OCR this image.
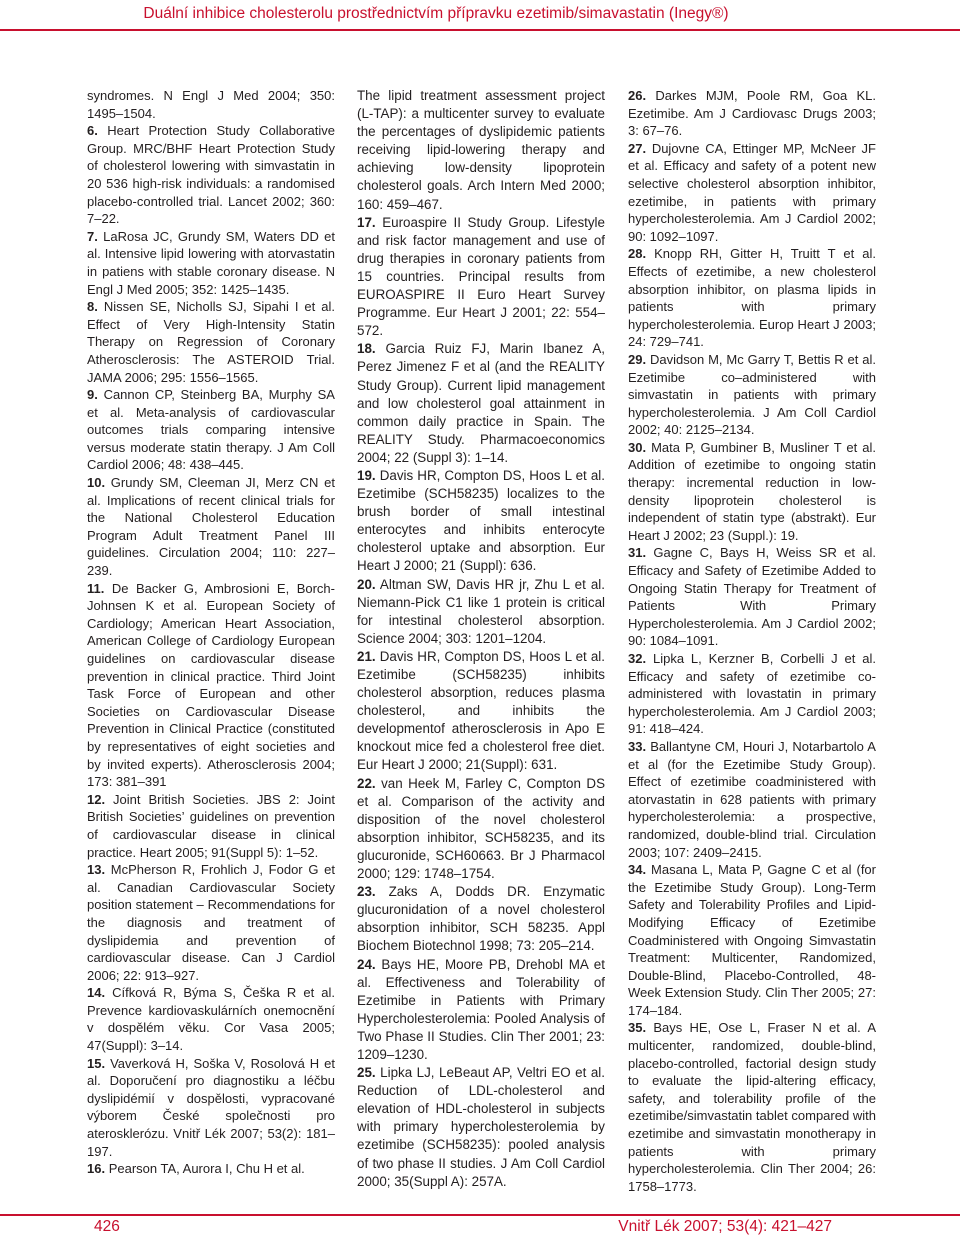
Duální inhibice cholesterolu prostřednictvím přípravku ezetimib/simavastatin (Inegy®)

syndromes. N Engl J Med 2004; 350: 1495–1504.

6. Heart Protection Study Collaborative Group. MRC/BHF Heart Protection Study of cholesterol lowering with simvastatin in 20 536 high-risk individuals: a randomised placebo-controlled trial. Lancet 2002; 360: 7–22.

7. LaRosa JC, Grundy SM, Waters DD et al. Intensive lipid lowering with atorvastatin in patiens with stable coronary disease. N Engl J Med 2005; 352: 1425–1435.

8. Nissen SE, Nicholls SJ, Sipahi I et al. Effect of Very High-Intensity Statin Therapy on Regression of Coronary Atherosclerosis: The ASTEROID Trial. JAMA 2006; 295: 1556–1565.

9. Cannon CP, Steinberg BA, Murphy SA et al. Meta-analysis of cardiovascular outcomes trials comparing intensive versus moderate statin therapy. J Am Coll Cardiol 2006; 48: 438–445.

10. Grundy SM, Cleeman JI, Merz CN et al. Implications of recent clinical trials for the National Cholesterol Education Program Adult Treatment Panel III guidelines. Circulation 2004; 110: 227–239.

11. De Backer G, Ambrosioni E, Borch-Johnsen K et al. European Society of Cardiology; American Heart Association, American College of Cardiology European guidelines on cardiovascular disease prevention in clinical practice. Third Joint Task Force of European and other Societies on Cardiovascular Disease Prevention in Clinical Practice (constituted by representatives of eight societies and by invited experts). Atherosclerosis 2004; 173: 381–391

12. Joint British Societies. JBS 2: Joint British Societies’ guidelines on prevention of cardiovascular disease in clinical practice. Heart 2005; 91(Suppl 5): 1–52.

13. McPherson R, Frohlich J, Fodor G et al. Canadian Cardiovascular Society position statement – Recommendations for the diagnosis and treatment of dyslipidemia and prevention of cardiovascular disease. Can J Cardiol 2006; 22: 913–927.

14. Cífková R, Býma S, Češka R et al. Prevence kardiovaskulárních onemocnění v dospělém věku. Cor Vasa 2005; 47(Suppl): 3–14.

15. Vaverková H, Soška V, Rosolová H et al. Doporučení pro diagnostiku a léčbu dyslipidémií v dospělosti, vypracované výborem České společnosti pro aterosklerózu. Vnitř Lék 2007; 53(2): 181–197.

16. Pearson TA, Aurora I, Chu H et al.

The lipid treatment assessment project (L-TAP): a multicenter survey to evaluate the percentages of dyslipidemic patients receiving lipid-lowering therapy and achieving low-density lipoprotein cholesterol goals. Arch Intern Med 2000; 160: 459–467.

17. Euroaspire II Study Group. Lifestyle and risk factor management and use of drug therapies in coronary patients from 15 countries. Principal results from EUROASPIRE II Euro Heart Survey Programme. Eur Heart J 2001; 22: 554–572.

18. Garcia Ruiz FJ, Marin Ibanez A, Perez Jimenez F et al (and the REALITY Study Group). Current lipid management and low cholesterol goal attainment in common daily practice in Spain. The REALITY Study. Pharmacoeconomics 2004; 22 (Suppl 3): 1–14.

19. Davis HR, Compton DS, Hoos L et al. Ezetimibe (SCH58235) localizes to the brush border of small intestinal enterocytes and inhibits enterocyte cholesterol uptake and absorption. Eur Heart J 2000; 21 (Suppl): 636.

20. Altman SW, Davis HR jr, Zhu L et al. Niemann-Pick C1 like 1 protein is critical for intestinal cholesterol absorption. Science 2004; 303: 1201–1204.

21. Davis HR, Compton DS, Hoos L et al. Ezetimibe (SCH58235) inhibits cholesterol absorption, reduces plasma cholesterol, and inhibits the developmentof atherosclerosis in Apo E knockout mice fed a cholesterol free diet. Eur Heart J 2000; 21(Suppl): 631.

22. van Heek M, Farley C, Compton DS et al. Comparison of the activity and disposition of the novel cholesterol absorption inhibitor, SCH58235, and its glucuronide, SCH60663. Br J Pharmacol 2000; 129: 1748–1754.

23. Zaks A, Dodds DR. Enzymatic glucuronidation of a novel cholesterol absorption inhibitor, SCH 58235. Appl Biochem Biotechnol 1998; 73: 205–214.

24. Bays HE, Moore PB, Drehobl MA et al. Effectiveness and Tolerability of Ezetimibe in Patients with Primary Hypercholesterolemia: Pooled Analysis of Two Phase II Studies. Clin Ther 2001; 23: 1209–1230.

25. Lipka LJ, LeBeaut AP, Veltri EO et al. Reduction of LDL-cholesterol and elevation of HDL-cholesterol in subjects with primary hypercholesterolemia by ezetimibe (SCH58235): pooled analysis of two phase II studies. J Am Coll Cardiol 2000; 35(Suppl A): 257A.

26. Darkes MJM, Poole RM, Goa KL. Ezetimibe. Am J Cardiovasc Drugs 2003; 3: 67–76.

27. Dujovne CA, Ettinger MP, McNeer JF et al. Efficacy and safety of a potent new selective cholesterol absorption inhibitor, ezetimibe, in patients with primary hypercholesterolemia. Am J Cardiol 2002; 90: 1092–1097.

28. Knopp RH, Gitter H, Truitt T et al. Effects of ezetimibe, a new cholesterol absorption inhibitor, on plasma lipids in patients with primary hypercholesterolemia. Europ Heart J 2003; 24: 729–741.

29. Davidson M, Mc Garry T, Bettis R et al. Ezetimibe co–administered with simvastatin in patients with primary hypercholesterolemia. J Am Coll Cardiol 2002; 40: 2125–2134.

30. Mata P, Gumbiner B, Musliner T et al. Addition of ezetimibe to ongoing statin therapy: incremental reduction in low-density lipoprotein cholesterol is independent of statin type (abstrakt). Eur Heart J 2002; 23 (Suppl.): 19.

31. Gagne C, Bays H, Weiss SR et al. Efficacy and Safety of Ezetimibe Added to Ongoing Statin Therapy for Treatment of Patients With Primary Hypercholesterolemia. Am J Cardiol 2002; 90: 1084–1091.

32. Lipka L, Kerzner B, Corbelli J et al. Efficacy and safety of ezetimibe co-administered with lovastatin in primary hypercholesterolemia. Am J Cardiol 2003; 91: 418–424.

33. Ballantyne CM, Houri J, Notarbartolo A et al (for the Ezetimibe Study Group). Effect of ezetimibe coadministered with atorvastatin in 628 patients with primary hypercholesterolemia: a prospective, randomized, double-blind trial. Circulation 2003; 107: 2409–2415.

34. Masana L, Mata P, Gagne C et al (for the Ezetimibe Study Group). Long-Term Safety and Tolerability Profiles and Lipid-Modifying Efficacy of Ezetimibe Coadministered with Ongoing Simvastatin Treatment: Multicenter, Randomized, Double-Blind, Placebo-Controlled, 48-Week Extension Study. Clin Ther 2005; 27: 174–184.

35. Bays HE, Ose L, Fraser N et al. A multicenter, randomized, double-blind, placebo-controlled, factorial design study to evaluate the lipid-altering efficacy, safety, and tolerability profile of the ezetimibe/simvastatin tablet compared with ezetimibe and simvastatin monotherapy in patients with primary hypercholesterolemia. Clin Ther 2004; 26: 1758–1773.

426	Vnitř Lék 2007; 53(4): 421–427
